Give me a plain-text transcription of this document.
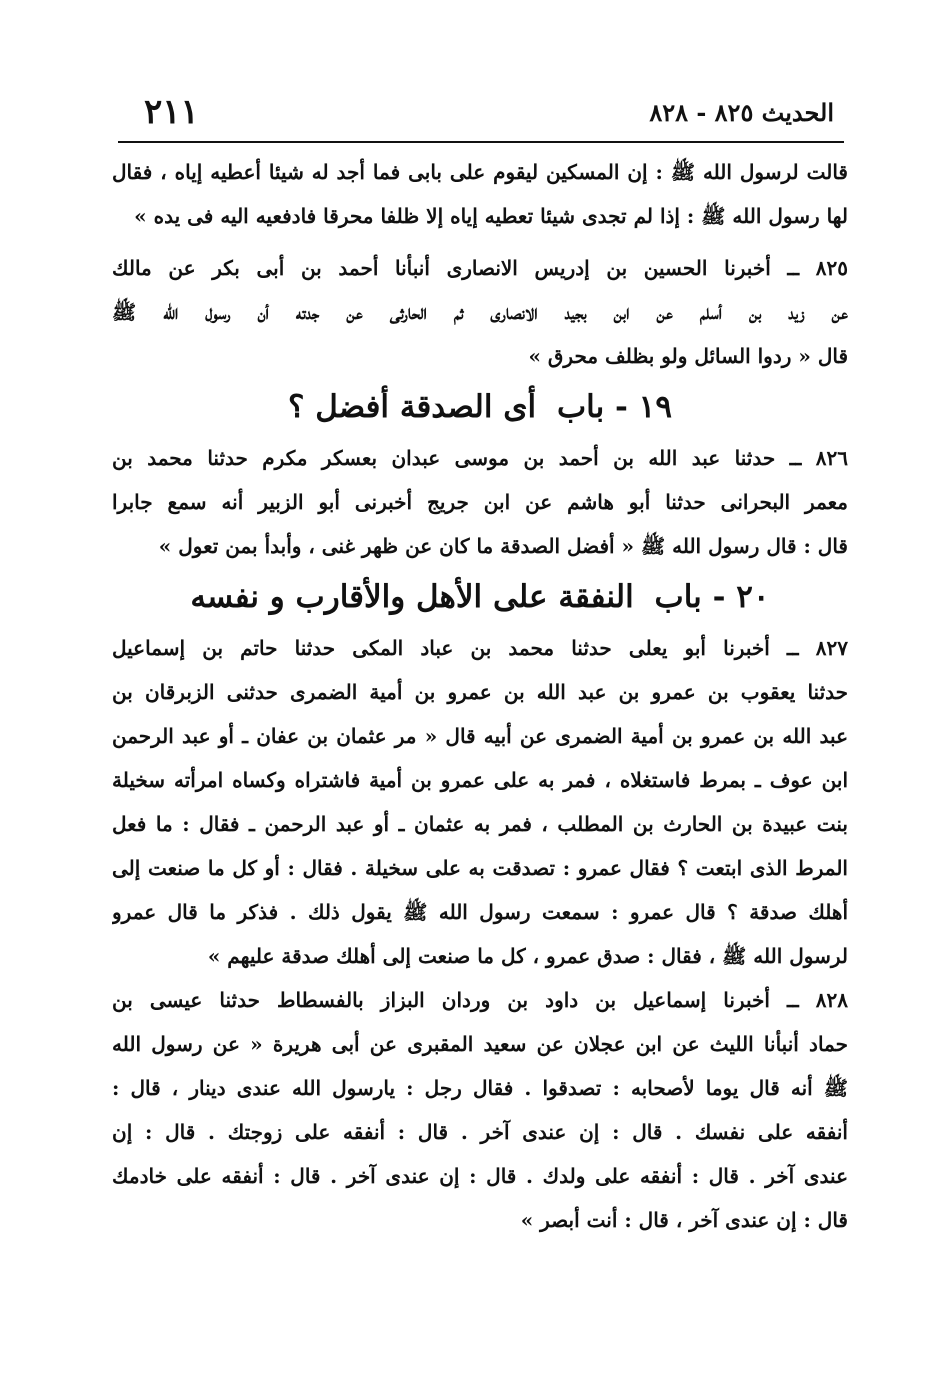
الحديث ٨٢٥ - ٨٢٨
٢١١
قالت لرسول الله ﷺ : إن المسكين ليقوم على بابى فما أجد له شيئا أعطيه إياه ، فقال
لها رسول الله ﷺ : إذا لم تجدى شيئا تعطيه إياه إلا ظلفا محرقا فادفعيه اليه فى يده »
٨٢٥ ــ أخبرنا الحسين بن إدريس الانصارى أنبأنا أحمد بن أبى بكر عن مالك
عن زيد بن أسلم عن ابن بجيد الانصارى ثم الحارثى عن جدته أن رسول الله ﷺ
قال « ردوا السائل ولو بظلف محرق »
١٩ - باب أى الصدقة أفضل ؟
٨٢٦ ــ حدثنا عبد الله بن أحمد بن موسى عبدان بعسكر مكرم حدثنا محمد بن
معمر البحرانى حدثنا أبو هاشم عن ابن جريج أخبرنى أبو الزبير أنه سمع جابرا
قال : قال رسول الله ﷺ « أفضل الصدقة ما كان عن ظهر غنى ، وأبدأ بمن تعول »
٢٠ - باب النفقة على الأهل والأقارب و نفسه
٨٢٧ ــ أخبرنا أبو يعلى حدثنا محمد بن عباد المكى حدثنا حاتم بن إسماعيل
حدثنا يعقوب بن عمرو بن عبد الله بن عمرو بن أمية الضمرى حدثنى الزبرقان بن
عبد الله بن عمرو بن أمية الضمرى عن أبيه قال « مر عثمان بن عفان ـ أو عبد الرحمن
ابن عوف ـ بمرط فاستغلاه ، فمر به على عمرو بن أمية فاشتراه وكساه امرأته سخيلة
بنت عبيدة بن الحارث بن المطلب ، فمر به عثمان ـ أو عبد الرحمن ـ فقال : ما فعل
المرط الذى ابتعت ؟ فقال عمرو : تصدقت به على سخيلة . فقال : أو كل ما صنعت إلى
أهلك صدقة ؟ قال عمرو : سمعت رسول الله ﷺ يقول ذلك . فذكر ما قال عمرو
لرسول الله ﷺ ، فقال : صدق عمرو ، كل ما صنعت إلى أهلك صدقة عليهم »
٨٢٨ ــ أخبرنا إسماعيل بن داود بن وردان البزاز بالفسطاط حدثنا عيسى بن
حماد أنبأنا الليث عن ابن عجلان عن سعيد المقبرى عن أبى هريرة « عن رسول الله
ﷺ أنه قال يوما لأصحابه : تصدقوا . فقال رجل : يارسول الله عندى دينار ، قال :
أنفقه على نفسك . قال : إن عندى آخر . قال : أنفقه على زوجتك . قال : إن
عندى آخر . قال : أنفقه على ولدك . قال : إن عندى آخر . قال : أنفقه على خادمك
قال : إن عندى آخر ، قال : أنت أبصر »
